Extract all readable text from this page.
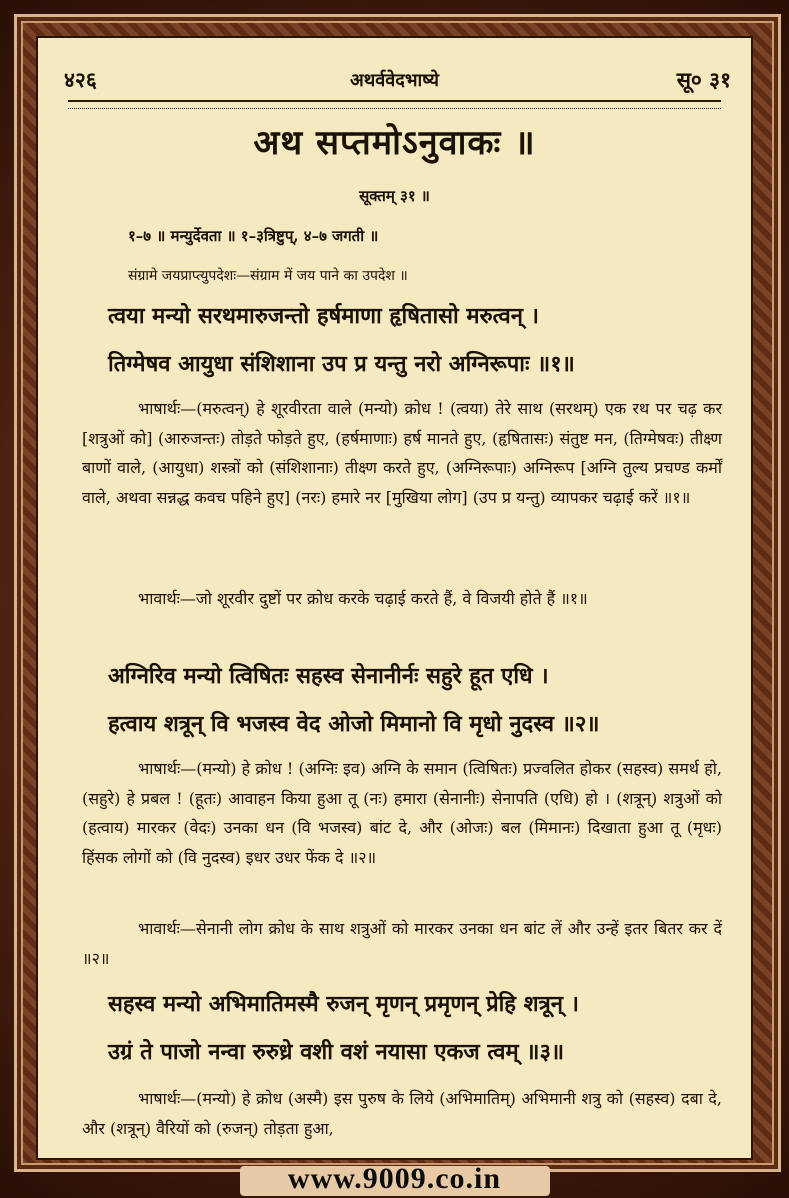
४२६	अथर्ववेदभाष्ये	सू० ३१
अथ सप्तमोऽनुवाकः ॥
सूक्तम् ३१ ॥
१–७ ॥ मन्युर्देवता ॥ १–३त्रिष्टुप्, ४–७ जगती ॥
संग्रामे जयप्राप्त्युपदेशः—संग्राम में जय पाने का उपदेश ॥
त्वया मन्यो सरथमारुजन्तो हर्षमाणा हृषितासो मरुत्वन् ।
तिग्मेषव आयुधा संशिशाना उप प्र यन्तु नरो अग्निरूपाः ॥१॥
भाषार्थः—(मरुत्वन्) हे शूरवीरता वाले (मन्यो) क्रोध ! (त्वया) तेरे साथ (सरथम्) एक रथ पर चढ़ कर [शत्रुओं को] (आरुजन्तः) तोड़ते फोड़ते हुए, (हर्षमाणाः) हर्ष मानते हुए, (हृषितासः) संतुष्ट मन, (तिग्मेषवः) तीक्ष्ण बाणों वाले, (आयुधा) शस्त्रों को (संशिशानाः) तीक्ष्ण करते हुए, (अग्निरूपाः) अग्निरूप [अग्नि तुल्य प्रचण्ड कर्मों वाले, अथवा सन्नद्ध कवच पहिने हुए] (नरः) हमारे नर [मुखिया लोग] (उप प्र यन्तु) व्यापकर चढ़ाई करें ॥१॥
भावार्थः—जो शूरवीर दुष्टों पर क्रोध करके चढ़ाई करते हैं, वे विजयी होते हैं ॥१॥
अग्निरिव मन्यो त्विषितः सहस्व सेनानीर्नः सहुरे हूत एधि ।
हत्वाय शत्रून् वि भजस्व वेद ओजो मिमानो वि मृधो नुदस्व ॥२॥
भाषार्थः—(मन्यो) हे क्रोध ! (अग्निः इव) अग्नि के समान (त्विषितः) प्रज्वलित होकर (सहस्व) समर्थ हो, (सहुरे) हे प्रबल ! (हूतः) आवाहन किया हुआ तू (नः) हमारा (सेनानीः) सेनापति (एधि) हो । (शत्रून्) शत्रुओं को (हत्वाय) मारकर (वेदः) उनका धन (वि भजस्व) बांट दे, और (ओजः) बल (मिमानः) दिखाता हुआ तू (मृधः) हिंसक लोगों को (वि नुदस्व) इधर उधर फेंक दे ॥२॥
भावार्थः—सेनानी लोग क्रोध के साथ शत्रुओं को मारकर उनका धन बांट लें और उन्हें इतर बितर कर दें ॥२॥
सहस्व मन्यो अभिमातिमस्मै रुजन् मृणन् प्रमृणन् प्रेहि शत्रून् ।
उग्रं ते पाजो नन्वा रुरुध्रे वशी वशं नयासा एकज त्वम् ॥३॥
भाषार्थः—(मन्यो) हे क्रोध (अस्मै) इस पुरुष के लिये (अभिमातिम्) अभिमानी शत्रु को (सहस्व) दबा दे, और (शत्रून्) वैरियों को (रुजन्) तोड़ता हुआ,
www.9009.co.in
